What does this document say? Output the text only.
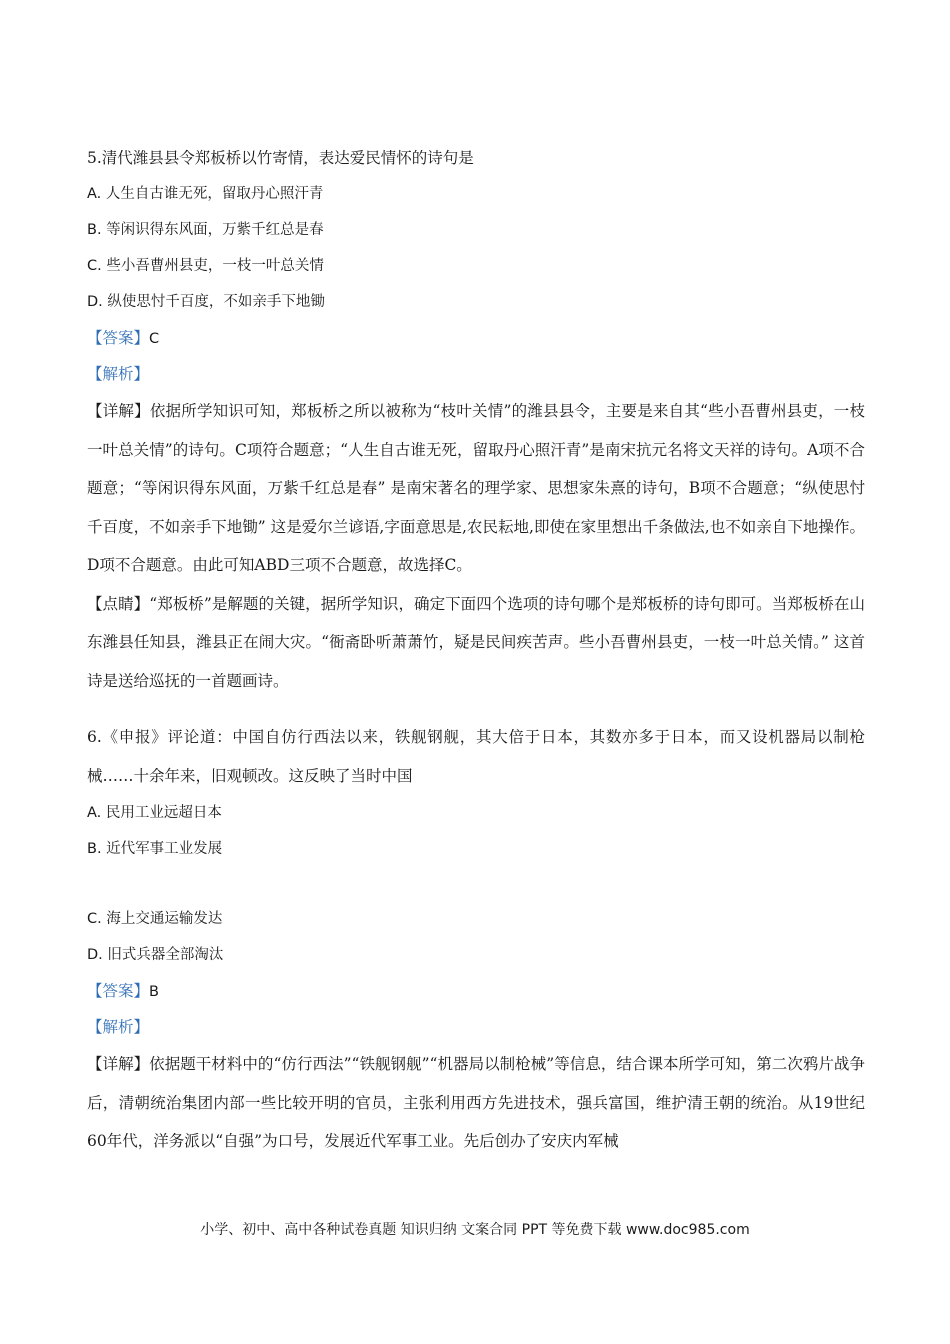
5.清代潍县县令郑板桥以竹寄情，表达爱民情怀的诗句是
A. 人生自古谁无死，留取丹心照汗青
B. 等闲识得东风面，万紫千红总是春
C. 些小吾曹州县吏，一枝一叶总关情
D. 纵使思忖千百度，不如亲手下地锄
【答案】C
【解析】
【详解】依据所学知识可知，郑板桥之所以被称为“枝叶关情”的潍县县令，主要是来自其“些小吾曹州县吏，一枝一叶总关情”的诗句。C项符合题意；“人生自古谁无死，留取丹心照汗青”是南宋抗元名将文天祥的诗句。A项不合题意；“等闲识得东风面，万紫千红总是春” 是南宋著名的理学家、思想家朱熹的诗句，B项不合题意；“纵使思忖千百度，不如亲手下地锄” 这是爱尔兰谚语,字面意思是,农民耘地,即使在家里想出千条做法,也不如亲自下地操作。D项不合题意。由此可知ABD三项不合题意，故选择C。
【点睛】“郑板桥”是解题的关键，据所学知识，确定下面四个选项的诗句哪个是郑板桥的诗句即可。当郑板桥在山东潍县任知县，潍县正在闹大灾。“衙斋卧听萧萧竹，疑是民间疾苦声。些小吾曹州县吏，一枝一叶总关情。” 这首诗是送给巡抚的一首题画诗。
6.《申报》评论道：中国自仿行西法以来，铁舰钢舰，其大倍于日本，其数亦多于日本，而又设机器局以制枪械……十余年来，旧观顿改。这反映了当时中国
A. 民用工业远超日本
B. 近代军事工业发展
C. 海上交通运输发达
D. 旧式兵器全部淘汰
【答案】B
【解析】
【详解】依据题干材料中的“仿行西法”“铁舰钢舰”“机器局以制枪械”等信息，结合课本所学可知，第二次鸦片战争后，清朝统治集团内部一些比较开明的官员，主张利用西方先进技术，强兵富国，维护清王朝的统治。从19世纪60年代，洋务派以“自强”为口号，发展近代军事工业。先后创办了安庆内军械
小学、初中、高中各种试卷真题 知识归纳 文案合同 PPT 等免费下载 www.doc985.com
